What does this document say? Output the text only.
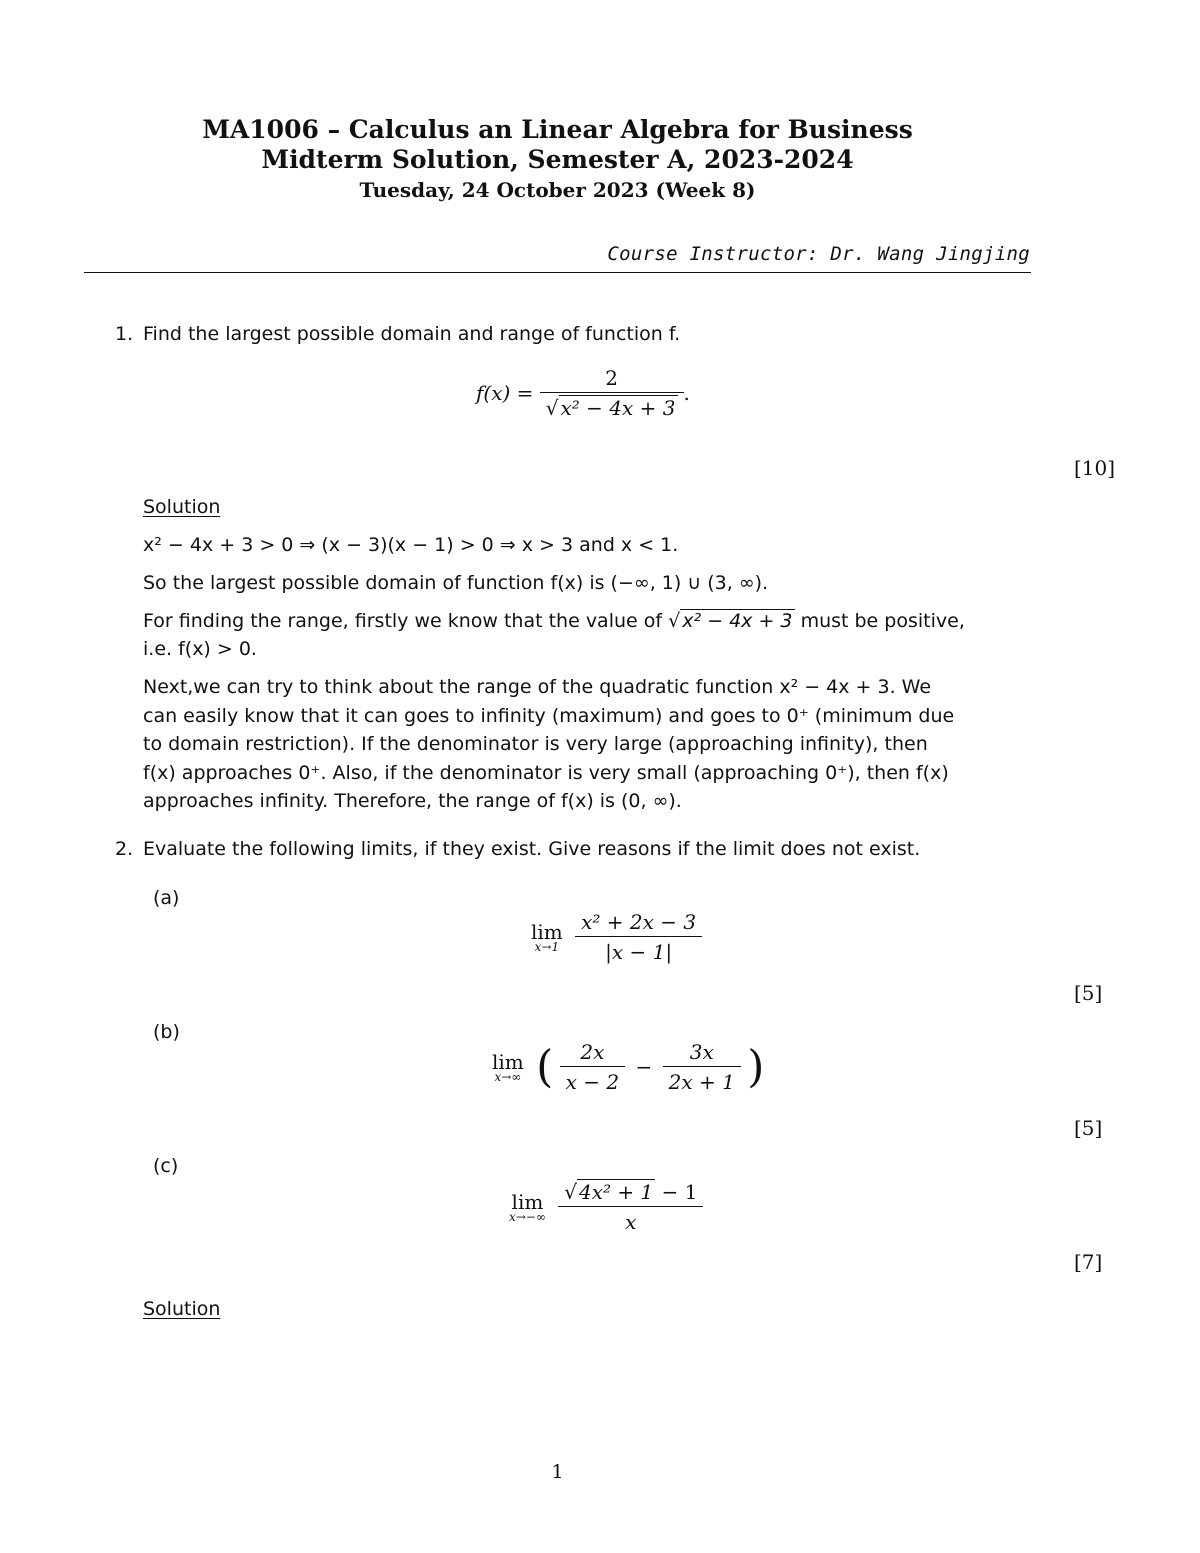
MA1006 – Calculus an Linear Algebra for Business
Midterm Solution, Semester A, 2023-2024
Tuesday, 24 October 2023 (Week 8)
Course Instructor: Dr. Wang Jingjing
1. Find the largest possible domain and range of function f.
$f(x) = \frac{2}{\text{√ x² − 4x + 3}}$ .
[10]
Solution
x² − 4x + 3 > 0 ⇒ (x − 3)(x − 1) > 0 ⇒ x > 3 and x < 1.
So the largest possible domain of function f(x) is (−∞, 1) ∪ (3, ∞).
For finding the range, firstly we know that the value of √ x² − 4x + 3 must be positive,
i.e. f(x) > 0.
Next,we can try to think about the range of the quadratic function x² − 4x + 3. We
can easily know that it can goes to infinity (maximum) and goes to 0⁺ (minimum due
to domain restriction). If the denominator is very large (approaching infinity), then
f(x) approaches 0⁺. Also, if the denominator is very small (approaching 0⁺), then f(x)
approaches infinity. Therefore, the range of f(x) is (0, ∞).
2. Evaluate the following limits, if they exist. Give reasons if the limit does not exist.
(a)
lim
x→1
$\frac{\text{x² + 2x − 3}}{|x - 1|}$
[5]
(b)
lim
x→∞ ( $\frac{2x}{x - 2} - \frac{3x}{2x + 1}$ )
[5]
(c)
lim
x→−∞
$\frac{\text{√ 4x² + 1 − 1}}{x}$
[7]
Solution
1
